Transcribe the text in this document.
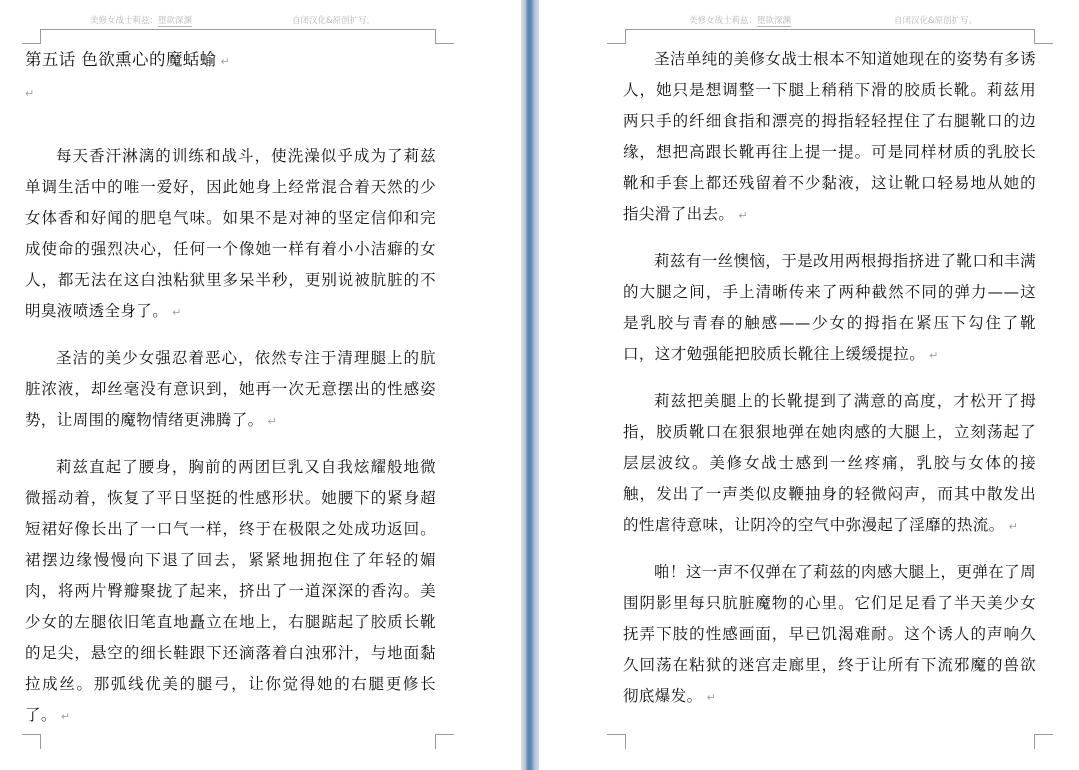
美修女战士莉兹：堕欲深渊	自闭汉化&原创扩写。

第五话 色欲熏心的魔蛞蝓 ↵

↵

每天香汗淋漓的训练和战斗，使洗澡似乎成为了莉兹单调生活中的唯一爱好，因此她身上经常混合着天然的少女体香和好闻的肥皂气味。如果不是对神的坚定信仰和完成使命的强烈决心，任何一个像她一样有着小小洁癖的女人，都无法在这白浊粘狱里多呆半秒，更别说被肮脏的不明臭液喷透全身了。 ↵

圣洁的美少女强忍着恶心，依然专注于清理腿上的肮脏浓液，却丝毫没有意识到，她再一次无意摆出的性感姿势，让周围的魔物情绪更沸腾了。 ↵

莉兹直起了腰身，胸前的两团巨乳又自我炫耀般地微微摇动着，恢复了平日坚挺的性感形状。她腰下的紧身超短裙好像长出了一口气一样，终于在极限之处成功返回。裙摆边缘慢慢向下退了回去，紧紧地拥抱住了年轻的媚肉，将两片臀瓣聚拢了起来，挤出了一道深深的香沟。美少女的左腿依旧笔直地矗立在地上，右腿踮起了胶质长靴的足尖，悬空的细长鞋跟下还滴落着白浊邪汁，与地面黏拉成丝。那弧线优美的腿弓，让你觉得她的右腿更修长了。 ↵

美修女战士莉兹：堕欲深渊	自闭汉化&原创扩写。

圣洁单纯的美修女战士根本不知道她现在的姿势有多诱人，她只是想调整一下腿上稍稍下滑的胶质长靴。莉兹用两只手的纤细食指和漂亮的拇指轻轻捏住了右腿靴口的边缘，想把高跟长靴再往上提一提。可是同样材质的乳胶长靴和手套上都还残留着不少黏液，这让靴口轻易地从她的指尖滑了出去。 ↵

莉兹有一丝懊恼，于是改用两根拇指挤进了靴口和丰满的大腿之间，手上清晰传来了两种截然不同的弹力——这是乳胶与青春的触感——少女的拇指在紧压下勾住了靴口，这才勉强能把胶质长靴往上缓缓提拉。 ↵

莉兹把美腿上的长靴提到了满意的高度，才松开了拇指，胶质靴口在狠狠地弹在她肉感的大腿上，立刻荡起了层层波纹。美修女战士感到一丝疼痛，乳胶与女体的接触，发出了一声类似皮鞭抽身的轻微闷声，而其中散发出的性虐待意味，让阴冷的空气中弥漫起了淫靡的热流。 ↵

啪！这一声不仅弹在了莉兹的肉感大腿上，更弹在了周围阴影里每只肮脏魔物的心里。它们足足看了半天美少女抚弄下肢的性感画面，早已饥渴难耐。这个诱人的声响久久回荡在粘狱的迷宫走廊里，终于让所有下流邪魔的兽欲彻底爆发。 ↵
